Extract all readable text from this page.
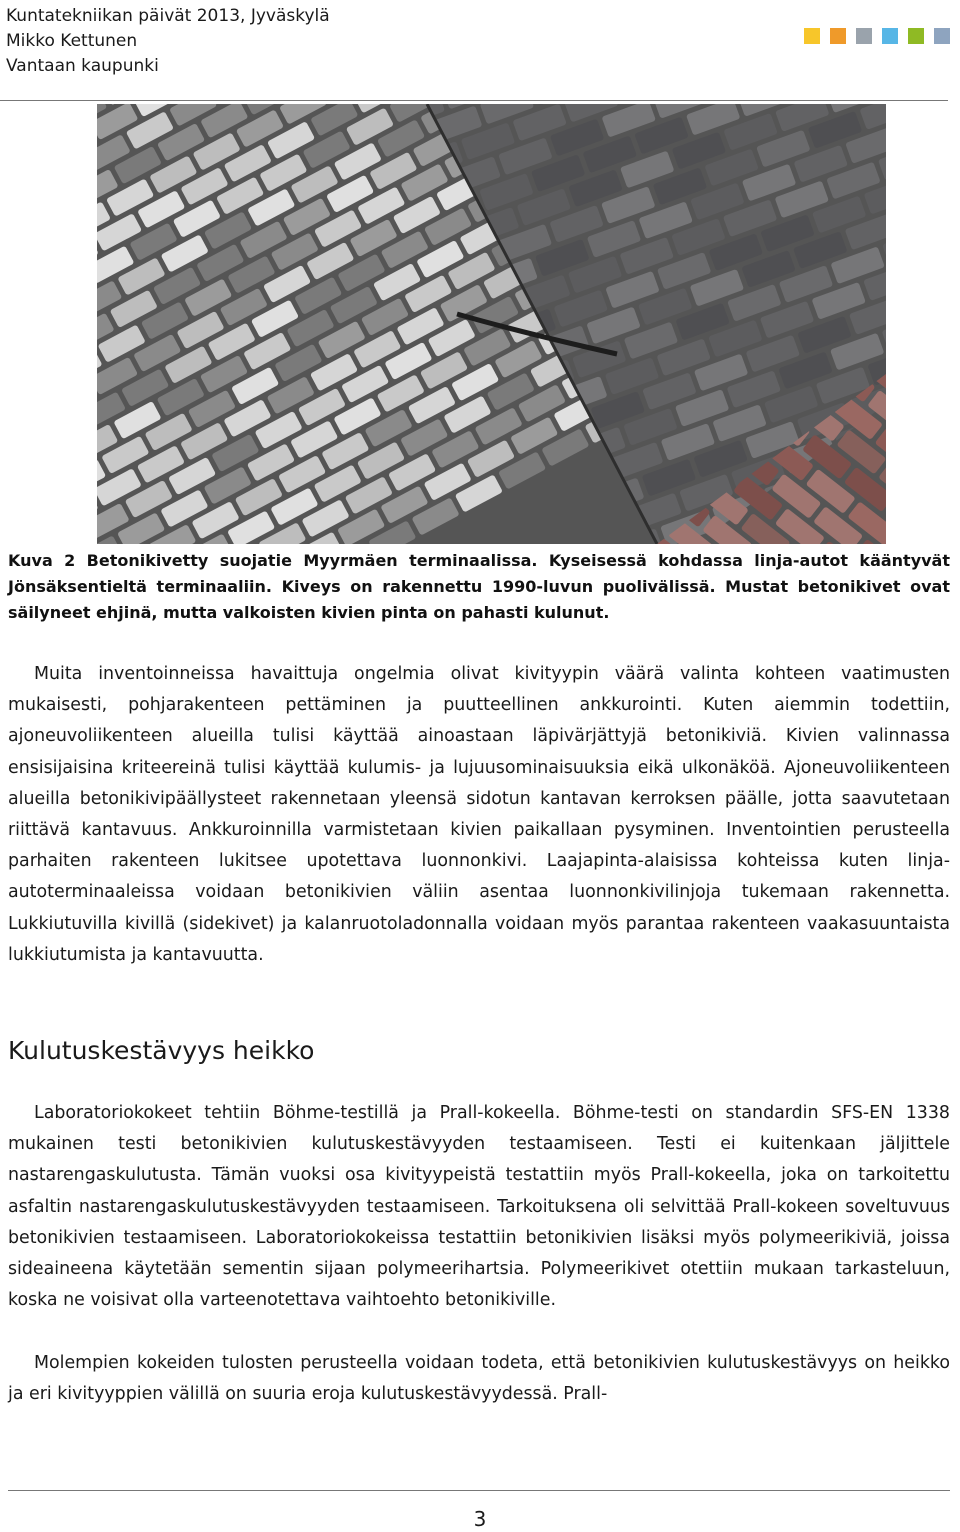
Kuntatekniikan päivät 2013, Jyväskylä
Mikko Kettunen
Vantaan kaupunki
Kuva 2 Betonikivetty suojatie Myyrmäen terminaalissa. Kyseisessä kohdassa linja-autot kääntyvät Jönsäksentieltä terminaaliin. Kiveys on rakennettu 1990-luvun puolivälissä. Mustat betonikivet ovat säilyneet ehjinä, mutta valkoisten kivien pinta on pahasti kulunut.
Muita inventoinneissa havaittuja ongelmia olivat kivityypin väärä valinta kohteen vaatimusten mukaisesti, pohjarakenteen pettäminen ja puutteellinen ankkurointi. Kuten aiemmin todettiin, ajoneuvoliikenteen alueilla tulisi käyttää ainoastaan läpivärjättyjä betonikiviä. Kivien valinnassa ensisijaisina kriteereinä tulisi käyttää kulumis- ja lujuusominaisuuksia eikä ulkonäköä. Ajoneuvoliikenteen alueilla betonikivipäällysteet rakennetaan yleensä sidotun kantavan kerroksen päälle, jotta saavutetaan riittävä kantavuus. Ankkuroinnilla varmistetaan kivien paikallaan pysyminen. Inventointien perusteella parhaiten rakenteen lukitsee upotettava luonnonkivi. Laajapinta-alaisissa kohteissa kuten linja-autoterminaaleissa voidaan betonikivien väliin asentaa luonnonkivilinjoja tukemaan rakennetta. Lukkiutuvilla kivillä (sidekivet) ja kalanruotoladonnalla voidaan myös parantaa rakenteen vaakasuuntaista lukkiutumista ja kantavuutta.
Kulutuskestävyys heikko
Laboratoriokokeet tehtiin Böhme-testillä ja Prall-kokeella. Böhme-testi on standardin SFS-EN 1338 mukainen testi betonikivien kulutuskestävyyden testaamiseen. Testi ei kuitenkaan jäljittele nastarengaskulutusta. Tämän vuoksi osa kivityypeistä testattiin myös Prall-kokeella, joka on tarkoitettu asfaltin nastarengaskulutuskestävyyden testaamiseen. Tarkoituksena oli selvittää Prall-kokeen soveltuvuus betonikivien testaamiseen. Laboratoriokokeissa testattiin betonikivien lisäksi myös polymeerikiviä, joissa sideaineena käytetään sementin sijaan polymeerihartsia. Polymeerikivet otettiin mukaan tarkasteluun, koska ne voisivat olla varteenotettava vaihtoehto betonikiville.
Molempien kokeiden tulosten perusteella voidaan todeta, että betonikivien kulutuskestävyys on heikko ja eri kivityyppien välillä on suuria eroja kulutuskestävyydessä. Prall-
3
